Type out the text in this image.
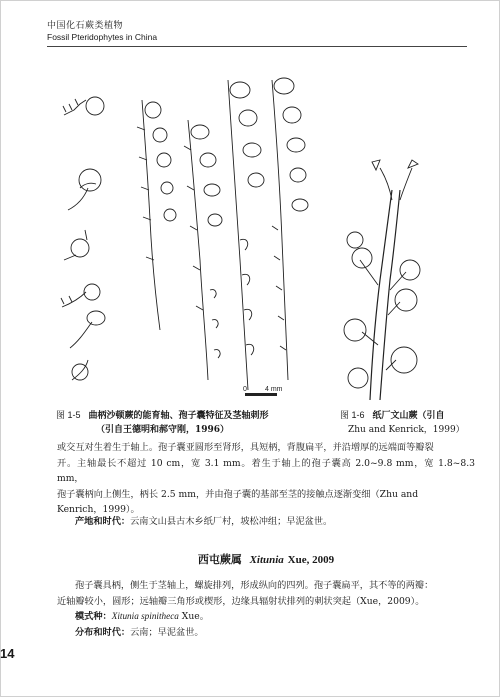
中国化石蕨类植物
Fossil Pteridophytes in China
0	4 mm
图 1-5 曲柄沙顿蕨的能育轴、孢子囊特征及茎轴刺形
（引自王德明和郝守刚，1996）
图 1-6 纸厂文山蕨（引自
Zhu and Kenrick，1999）
或交互对生着生于轴上。孢子囊亚圆形至肾形，具短柄，背腹扁平，并沿增厚的远端面等瓣裂
开。主轴最长不超过 10 cm，宽 3.1 mm。着生于轴上的孢子囊高 2.0~9.8 mm，宽 1.8~8.3 mm，
孢子囊柄向上侧生，柄长 2.5 mm，并由孢子囊的基部至茎的接触点逐渐变细（Zhu and
Kenrich，1999）。
产地和时代：云南文山县古木乡纸厂村，坡松冲组；早泥盆世。
西屯蕨属 Xitunia Xue, 2009
孢子囊具柄，侧生于茎轴上，螺旋排列，形成纵向的四列。孢子囊扁平，其不等的两瓣：
近轴瓣较小，圆形；远轴瓣三角形或楔形，边缘具辐射状排列的刺状突起（Xue，2009）。
模式种：Xitunia spinitheca Xue。
分布和时代：云南；早泥盆世。
14
